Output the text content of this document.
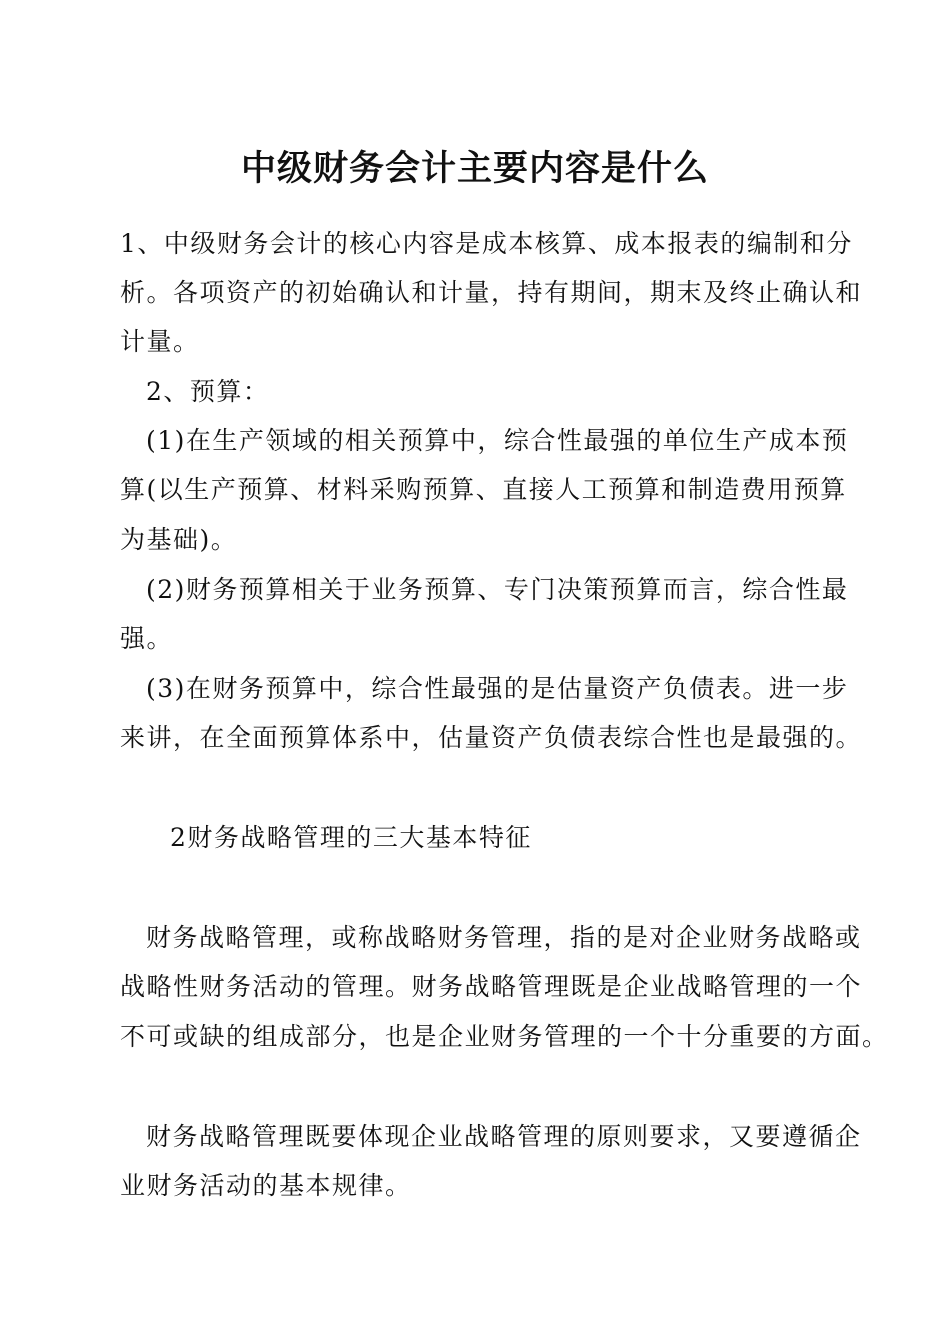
中级财务会计主要内容是什么
1、中级财务会计的核心内容是成本核算、成本报表的编制和分
析。各项资产的初始确认和计量，持有期间，期末及终止确认和
计量。
2、预算：
(1)在生产领域的相关预算中，综合性最强的单位生产成本预
算(以生产预算、材料采购预算、直接人工预算和制造费用预算
为基础)。
(2)财务预算相关于业务预算、专门决策预算而言，综合性最
强。
(3)在财务预算中，综合性最强的是估量资产负债表。进一步
来讲，在全面预算体系中，估量资产负债表综合性也是最强的。
2财务战略管理的三大基本特征
财务战略管理，或称战略财务管理，指的是对企业财务战略或
战略性财务活动的管理。财务战略管理既是企业战略管理的一个
不可或缺的组成部分，也是企业财务管理的一个十分重要的方面。
财务战略管理既要体现企业战略管理的原则要求，又要遵循企
业财务活动的基本规律。
